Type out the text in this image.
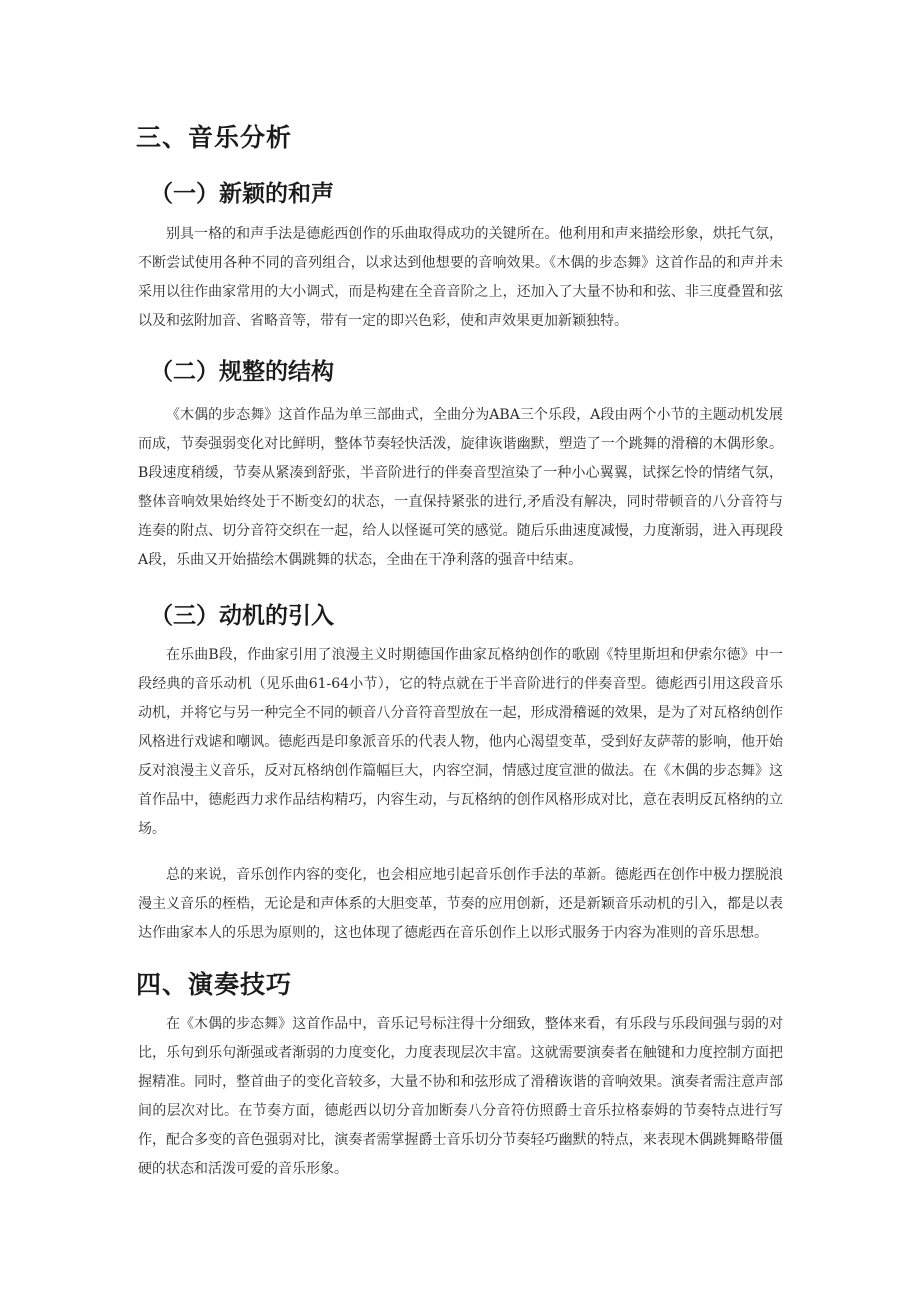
三、音乐分析
（一）新颖的和声

别具一格的和声手法是德彪西创作的乐曲取得成功的关键所在。他利用和声来描绘形象，烘托气氛，不断尝试使用各种不同的音列组合，以求达到他想要的音响效果。《木偶的步态舞》这首作品的和声并未采用以往作曲家常用的大小调式，而是构建在全音音阶之上，还加入了大量不协和和弦、非三度叠置和弦以及和弦附加音、省略音等，带有一定的即兴色彩，使和声效果更加新颖独特。

（二）规整的结构

《木偶的步态舞》这首作品为单三部曲式，全曲分为ABA三个乐段，A段由两个小节的主题动机发展而成，节奏强弱变化对比鲜明，整体节奏轻快活泼，旋律诙谐幽默，塑造了一个跳舞的滑稽的木偶形象。B段速度稍缓，节奏从紧凑到舒张，半音阶进行的伴奏音型渲染了一种小心翼翼，试探乞怜的情绪气氛，整体音响效果始终处于不断变幻的状态，一直保持紧张的进行,矛盾没有解决，同时带顿音的八分音符与连奏的附点、切分音符交织在一起，给人以怪诞可笑的感觉。随后乐曲速度减慢，力度渐弱，进入再现段A段，乐曲又开始描绘木偶跳舞的状态，全曲在干净利落的强音中结束。

（三）动机的引入

在乐曲B段，作曲家引用了浪漫主义时期德国作曲家瓦格纳创作的歌剧《特里斯坦和伊索尔德》中一段经典的音乐动机（见乐曲61-64小节），它的特点就在于半音阶进行的伴奏音型。德彪西引用这段音乐动机，并将它与另一种完全不同的顿音八分音符音型放在一起，形成滑稽诞的效果，是为了对瓦格纳创作风格进行戏谑和嘲讽。德彪西是印象派音乐的代表人物，他内心渴望变革，受到好友萨蒂的影响，他开始反对浪漫主义音乐，反对瓦格纳创作篇幅巨大，内容空洞，情感过度宣泄的做法。在《木偶的步态舞》这首作品中，德彪西力求作品结构精巧，内容生动，与瓦格纳的创作风格形成对比，意在表明反瓦格纳的立场。

总的来说，音乐创作内容的变化，也会相应地引起音乐创作手法的革新。德彪西在创作中极力摆脱浪漫主义音乐的桎梏，无论是和声体系的大胆变革，节奏的应用创新，还是新颖音乐动机的引入，都是以表达作曲家本人的乐思为原则的，这也体现了德彪西在音乐创作上以形式服务于内容为准则的音乐思想。

四、演奏技巧

在《木偶的步态舞》这首作品中，音乐记号标注得十分细致，整体来看，有乐段与乐段间强与弱的对比，乐句到乐句渐强或者渐弱的力度变化，力度表现层次丰富。这就需要演奏者在触键和力度控制方面把握精准。同时，整首曲子的变化音较多，大量不协和和弦形成了滑稽诙谐的音响效果。演奏者需注意声部间的层次对比。在节奏方面，德彪西以切分音加断奏八分音符仿照爵士音乐拉格泰姆的节奏特点进行写作，配合多变的音色强弱对比，演奏者需掌握爵士音乐切分节奏轻巧幽默的特点，来表现木偶跳舞略带僵硬的状态和活泼可爱的音乐形象。
